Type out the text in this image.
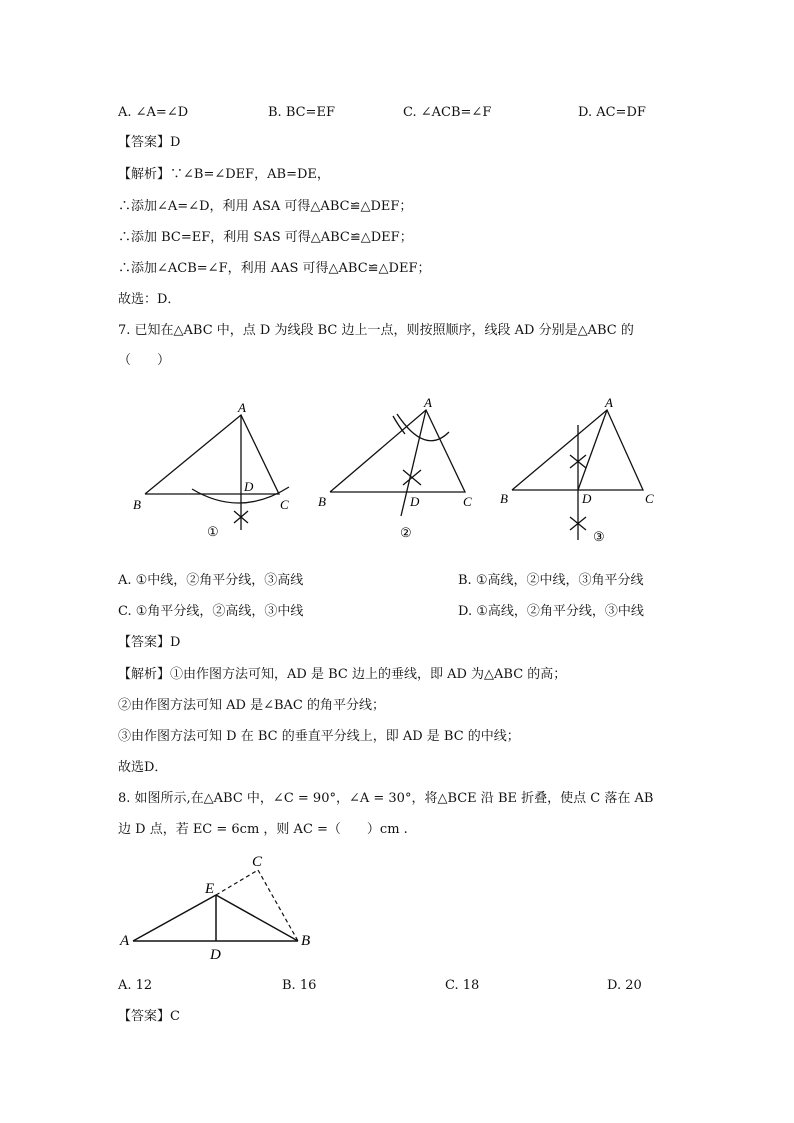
A. ∠A=∠D	B. BC=EF	C. ∠ACB=∠F	D. AC=DF
【答案】D
【解析】∵∠B=∠DEF，AB=DE，
∴添加∠A=∠D，利用 ASA 可得△ABC≌△DEF；
∴添加 BC=EF，利用 SAS 可得△ABC≌△DEF；
∴添加∠ACB=∠F，利用 AAS 可得△ABC≌△DEF；
故选：D．
7. 已知在△ABC 中，点 D 为线段 BC 边上一点，则按照顺序，线段 AD 分别是△ABC 的
（　　）
A
B
D
C
①
A
B	D	C
②
A
B	D	C
③
A. ①中线，②角平分线，③高线	B. ①高线，②中线，③角平分线
C. ①角平分线，②高线，③中线	D. ①高线，②角平分线，③中线
【答案】D
【解析】①由作图方法可知，AD 是 BC 边上的垂线，即 AD 为△ABC 的高；
②由作图方法可知 AD 是∠BAC 的角平分线；
③由作图方法可知 D 在 BC 的垂直平分线上，即 AD 是 BC 的中线；
故选D．
8. 如图所示,在△ABC 中，∠C = 90°，∠A = 30°，将△BCE 沿 BE 折叠，使点 C 落在 AB
边 D 点，若 EC = 6cm ，则 AC =（　　）cm .
A	B
C
E
D
A. 12	B. 16	C. 18	D. 20
【答案】C
